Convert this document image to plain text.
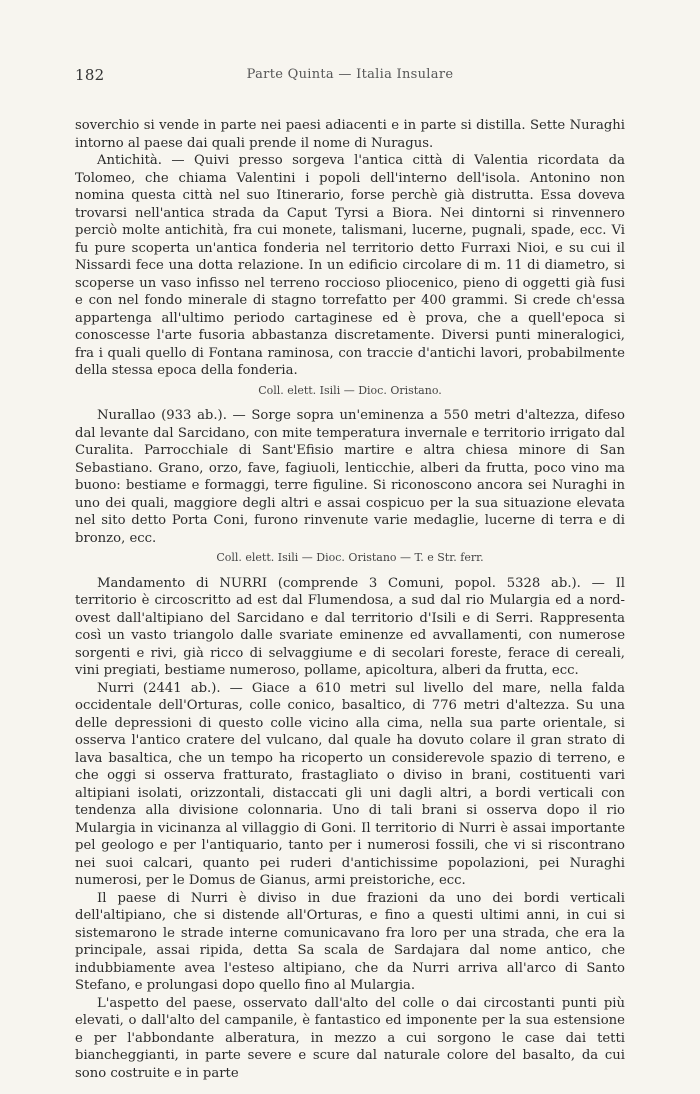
182	Parte Quinta — Italia Insulare

soverchio si vende in parte nei paesi adiacenti e in parte si distilla. Sette Nuraghi intorno al paese dai quali prende il nome di Nuragus.

Antichità. — Quivi presso sorgeva l'antica città di Valentia ricordata da Tolomeo, che chiama Valentini i popoli dell'interno dell'isola. Antonino non nomina questa città nel suo Itinerario, forse perchè già distrutta. Essa doveva trovarsi nell'antica strada da Caput Tyrsi a Biora. Nei dintorni si rinvennero perciò molte antichità, fra cui monete, talismani, lucerne, pugnali, spade, ecc. Vi fu pure scoperta un'antica fonderia nel territorio detto Furraxi Nioi, e su cui il Nissardi fece una dotta relazione. In un edificio circolare di m. 11 di diametro, si scoperse un vaso infisso nel terreno roccioso pliocenico, pieno di oggetti già fusi e con nel fondo minerale di stagno torrefatto per 400 grammi. Si crede ch'essa appartenga all'ultimo periodo cartaginese ed è prova, che a quell'epoca si conoscesse l'arte fusoria abbastanza discretamente. Diversi punti mineralogici, fra i quali quello di Fontana raminosa, con traccie d'antichi lavori, probabilmente della stessa epoca della fonderia.

Coll. elett. Isili — Dioc. Oristano.

Nurallao (933 ab.). — Sorge sopra un'eminenza a 550 metri d'altezza, difeso dal levante dal Sarcidano, con mite temperatura invernale e territorio irrigato dal Curalita. Parrocchiale di Sant'Efisio martire e altra chiesa minore di San Sebastiano. Grano, orzo, fave, fagiuoli, lenticchie, alberi da frutta, poco vino ma buono: bestiame e formaggi, terre figuline. Si riconoscono ancora sei Nuraghi in uno dei quali, maggiore degli altri e assai cospicuo per la sua situazione elevata nel sito detto Porta Coni, furono rinvenute varie medaglie, lucerne di terra e di bronzo, ecc.

Coll. elett. Isili — Dioc. Oristano — T. e Str. ferr.

Mandamento di NURRI (comprende 3 Comuni, popol. 5328 ab.). — Il territorio è circoscritto ad est dal Flumendosa, a sud dal rio Mulargia ed a nord-ovest dall'altipiano del Sarcidano e dal territorio d'Isili e di Serri. Rappresenta così un vasto triangolo dalle svariate eminenze ed avvallamenti, con numerose sorgenti e rivi, già ricco di selvaggiume e di secolari foreste, ferace di cereali, vini pregiati, bestiame numeroso, pollame, apicoltura, alberi da frutta, ecc.

Nurri (2441 ab.). — Giace a 610 metri sul livello del mare, nella falda occidentale dell'Orturas, colle conico, basaltico, di 776 metri d'altezza. Su una delle depressioni di questo colle vicino alla cima, nella sua parte orientale, si osserva l'antico cratere del vulcano, dal quale ha dovuto colare il gran strato di lava basaltica, che un tempo ha ricoperto un considerevole spazio di terreno, e che oggi si osserva fratturato, frastagliato o diviso in brani, costituenti vari altipiani isolati, orizzontali, distaccati gli uni dagli altri, a bordi verticali con tendenza alla divisione colonnaria. Uno di tali brani si osserva dopo il rio Mulargia in vicinanza al villaggio di Goni. Il territorio di Nurri è assai importante pel geologo e per l'antiquario, tanto per i numerosi fossili, che vi si riscontrano nei suoi calcari, quanto pei ruderi d'antichissime popolazioni, pei Nuraghi numerosi, per le Domus de Gianus, armi preistoriche, ecc.

Il paese di Nurri è diviso in due frazioni da uno dei bordi verticali dell'altipiano, che si distende all'Orturas, e fino a questi ultimi anni, in cui si sistemarono le strade interne comunicavano fra loro per una strada, che era la principale, assai ripida, detta Sa scala de Sardajara dal nome antico, che indubbiamente avea l'esteso altipiano, che da Nurri arriva all'arco di Santo Stefano, e prolungasi dopo quello fino al Mulargia.

L'aspetto del paese, osservato dall'alto del colle o dai circostanti punti più elevati, o dall'alto del campanile, è fantastico ed imponente per la sua estensione e per l'abbondante alberatura, in mezzo a cui sorgono le case dai tetti biancheggianti, in parte severe e scure dal naturale colore del basalto, da cui sono costruite e in parte
